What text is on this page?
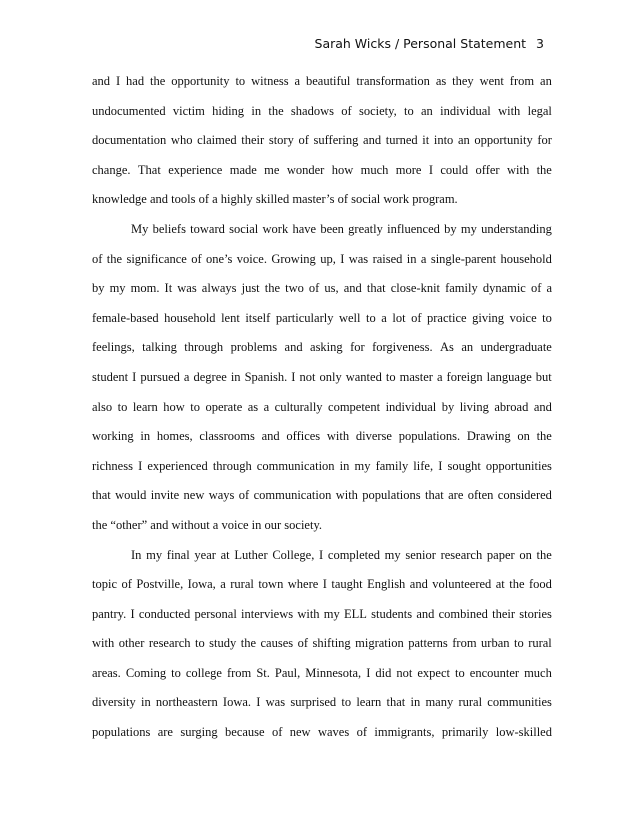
Sarah Wicks / Personal Statement 3
and I had the opportunity to witness a beautiful transformation as they went from an
undocumented victim hiding in the shadows of society, to an individual with legal
documentation who claimed their story of suffering and turned it into an opportunity for
change. That experience made me wonder how much more I could offer with the
knowledge and tools of a highly skilled master’s of social work program.
My beliefs toward social work have been greatly influenced by my understanding
of the significance of one’s voice. Growing up, I was raised in a single-parent household
by my mom. It was always just the two of us, and that close-knit family dynamic of a
female-based household lent itself particularly well to a lot of practice giving voice to
feelings, talking through problems and asking for forgiveness. As an undergraduate
student I pursued a degree in Spanish. I not only wanted to master a foreign language but
also to learn how to operate as a culturally competent individual by living abroad and
working in homes, classrooms and offices with diverse populations. Drawing on the
richness I experienced through communication in my family life, I sought opportunities
that would invite new ways of communication with populations that are often considered
the “other” and without a voice in our society.
In my final year at Luther College, I completed my senior research paper on the
topic of Postville, Iowa, a rural town where I taught English and volunteered at the food
pantry. I conducted personal interviews with my ELL students and combined their stories
with other research to study the causes of shifting migration patterns from urban to rural
areas. Coming to college from St. Paul, Minnesota, I did not expect to encounter much
diversity in northeastern Iowa. I was surprised to learn that in many rural communities
populations are surging because of new waves of immigrants, primarily low-skilled
